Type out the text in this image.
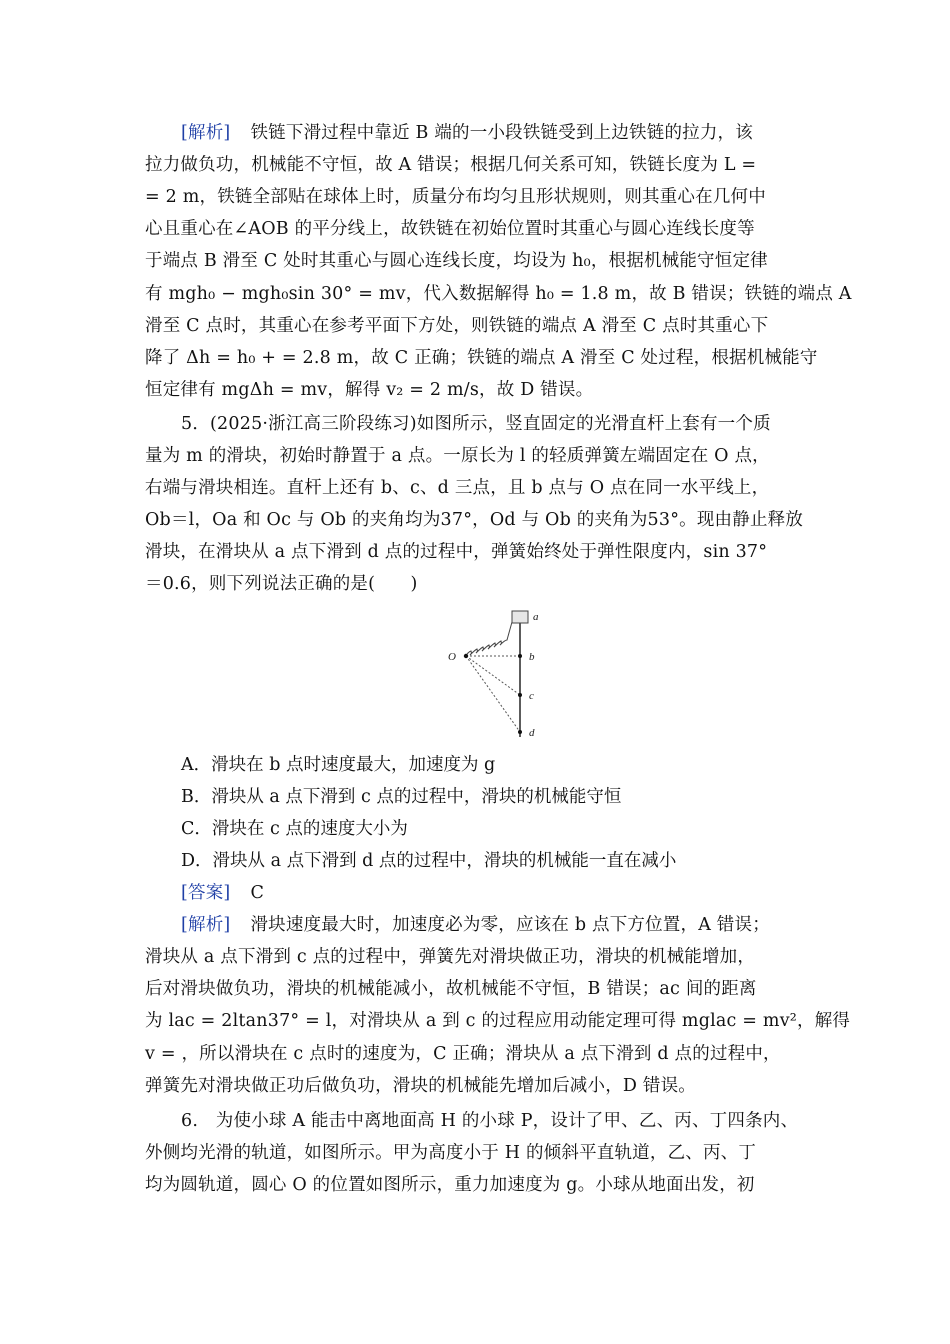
[解析] 铁链下滑过程中靠近 B 端的一小段铁链受到上边铁链的拉力，该
拉力做负功，机械能不守恒，故 A 错误；根据几何关系可知，铁链长度为 L =
= 2 m，铁链全部贴在球体上时，质量分布均匀且形状规则，则其重心在几何中
心且重心在∠AOB 的平分线上，故铁链在初始位置时其重心与圆心连线长度等
于端点 B 滑至 C 处时其重心与圆心连线长度，均设为 h₀，根据机械能守恒定律
有 mgh₀ − mgh₀sin 30° = mv，代入数据解得 h₀ = 1.8 m，故 B 错误；铁链的端点 A
滑至 C 点时，其重心在参考平面下方处，则铁链的端点 A 滑至 C 点时其重心下
降了 Δh = h₀ + = 2.8 m，故 C 正确；铁链的端点 A 滑至 C 处过程，根据机械能守
恒定律有 mgΔh = mv，解得 v₂ = 2 m/s，故 D 错误。
5．(2025·浙江高三阶段练习)如图所示，竖直固定的光滑直杆上套有一个质
量为 m 的滑块，初始时静置于 a 点。一原长为 l 的轻质弹簧左端固定在 O 点，
右端与滑块相连。直杆上还有 b、c、d 三点，且 b 点与 O 点在同一水平线上，
Ob＝l，Oa 和 Oc 与 Ob 的夹角均为37°，Od 与 Ob 的夹角为53°。现由静止释放
滑块，在滑块从 a 点下滑到 d 点的过程中，弹簧始终处于弹性限度内，sin 37°
＝0.6，则下列说法正确的是(　　)
O
a
b
c
d
A．滑块在 b 点时速度最大，加速度为 g
B．滑块从 a 点下滑到 c 点的过程中，滑块的机械能守恒
C．滑块在 c 点的速度大小为
D．滑块从 a 点下滑到 d 点的过程中，滑块的机械能一直在减小
[答案] C
[解析] 滑块速度最大时，加速度必为零，应该在 b 点下方位置，A 错误；
滑块从 a 点下滑到 c 点的过程中，弹簧先对滑块做正功，滑块的机械能增加，
后对滑块做负功，滑块的机械能减小，故机械能不守恒，B 错误；ac 间的距离
为 lac = 2ltan37° = l，对滑块从 a 到 c 的过程应用动能定理可得 mglac = mv²，解得
v = ，所以滑块在 c 点时的速度为，C 正确；滑块从 a 点下滑到 d 点的过程中，
弹簧先对滑块做正功后做负功，滑块的机械能先增加后减小，D 错误。
6.　为使小球 A 能击中离地面高 H 的小球 P，设计了甲、乙、丙、丁四条内、
外侧均光滑的轨道，如图所示。甲为高度小于 H 的倾斜平直轨道，乙、丙、丁
均为圆轨道，圆心 O 的位置如图所示，重力加速度为 g。小球从地面出发，初
